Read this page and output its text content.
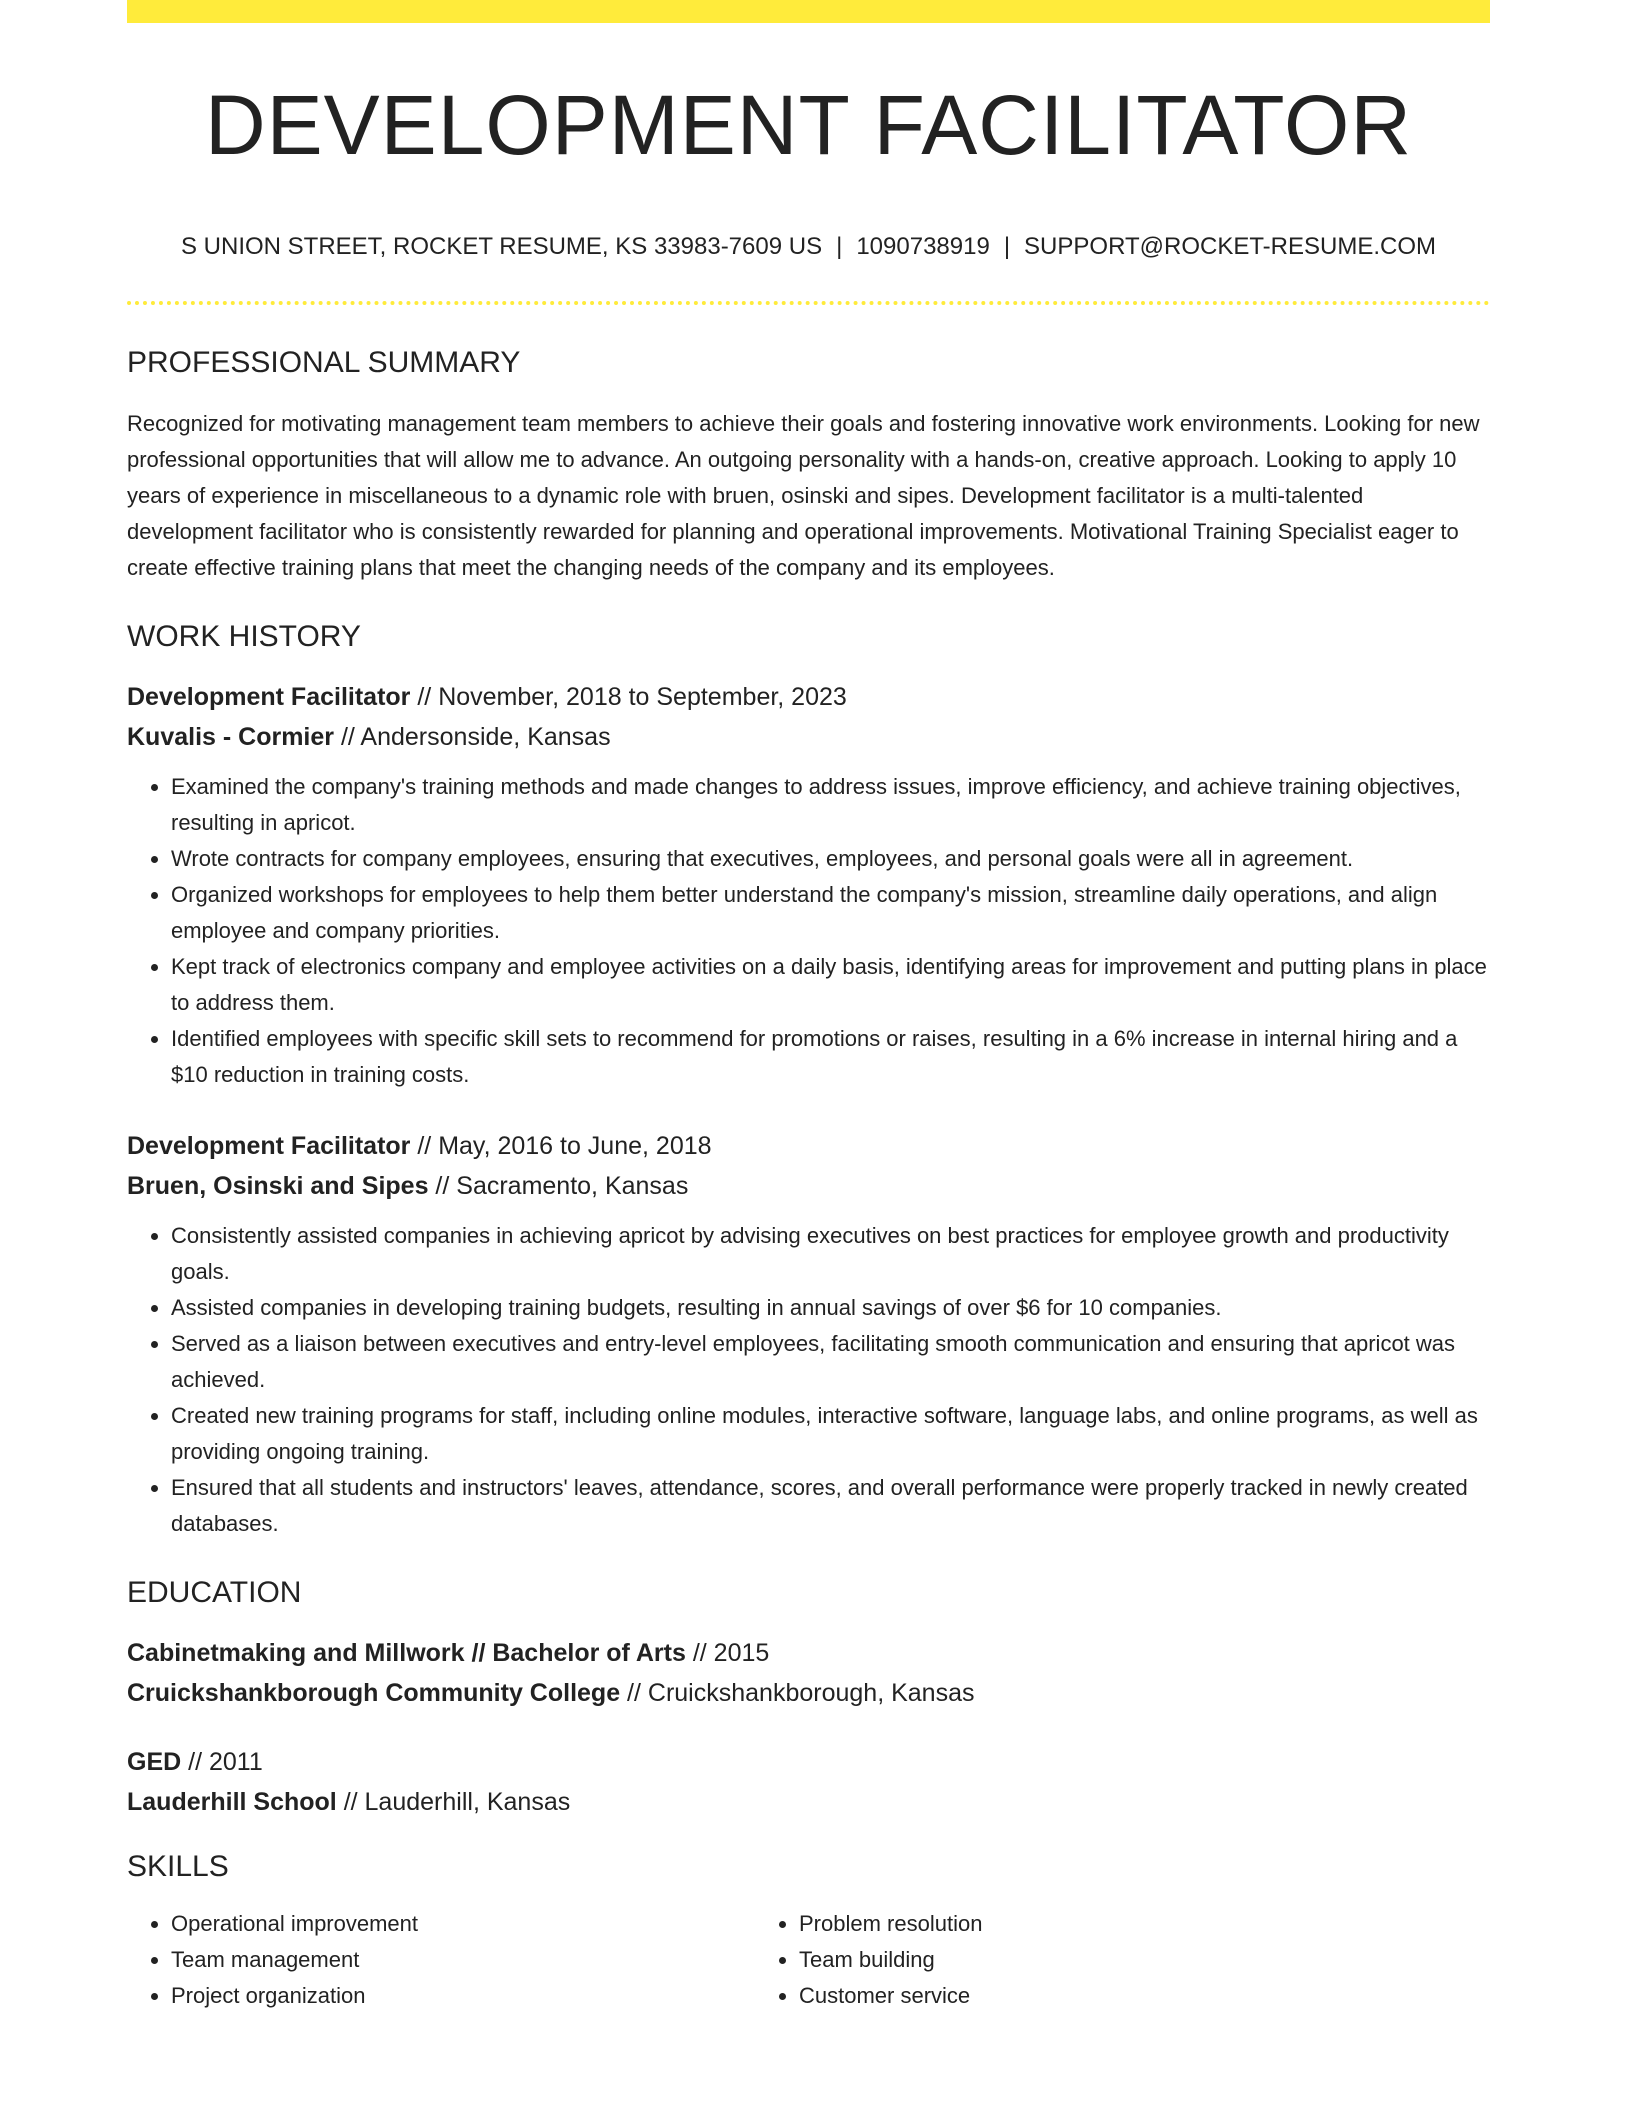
DEVELOPMENT FACILITATOR
S UNION STREET, ROCKET RESUME, KS 33983-7609 US | 1090738919 | SUPPORT@ROCKET-RESUME.COM
PROFESSIONAL SUMMARY
Recognized for motivating management team members to achieve their goals and fostering innovative work environments. Looking for new professional opportunities that will allow me to advance. An outgoing personality with a hands-on, creative approach. Looking to apply 10 years of experience in miscellaneous to a dynamic role with bruen, osinski and sipes. Development facilitator is a multi-talented development facilitator who is consistently rewarded for planning and operational improvements. Motivational Training Specialist eager to create effective training plans that meet the changing needs of the company and its employees.
WORK HISTORY
Development Facilitator // November, 2018 to September, 2023
Kuvalis - Cormier // Andersonside, Kansas
• Examined the company's training methods and made changes to address issues, improve efficiency, and achieve training objectives, resulting in apricot.
• Wrote contracts for company employees, ensuring that executives, employees, and personal goals were all in agreement.
• Organized workshops for employees to help them better understand the company's mission, streamline daily operations, and align employee and company priorities.
• Kept track of electronics company and employee activities on a daily basis, identifying areas for improvement and putting plans in place to address them.
• Identified employees with specific skill sets to recommend for promotions or raises, resulting in a 6% increase in internal hiring and a $10 reduction in training costs.
Development Facilitator // May, 2016 to June, 2018
Bruen, Osinski and Sipes // Sacramento, Kansas
• Consistently assisted companies in achieving apricot by advising executives on best practices for employee growth and productivity goals.
• Assisted companies in developing training budgets, resulting in annual savings of over $6 for 10 companies.
• Served as a liaison between executives and entry-level employees, facilitating smooth communication and ensuring that apricot was achieved.
• Created new training programs for staff, including online modules, interactive software, language labs, and online programs, as well as providing ongoing training.
• Ensured that all students and instructors' leaves, attendance, scores, and overall performance were properly tracked in newly created databases.
EDUCATION
Cabinetmaking and Millwork // Bachelor of Arts // 2015
Cruickshankborough Community College // Cruickshankborough, Kansas
GED // 2011
Lauderhill School // Lauderhill, Kansas
SKILLS
• Operational improvement
• Team management
• Project organization
• Problem resolution
• Team building
• Customer service
